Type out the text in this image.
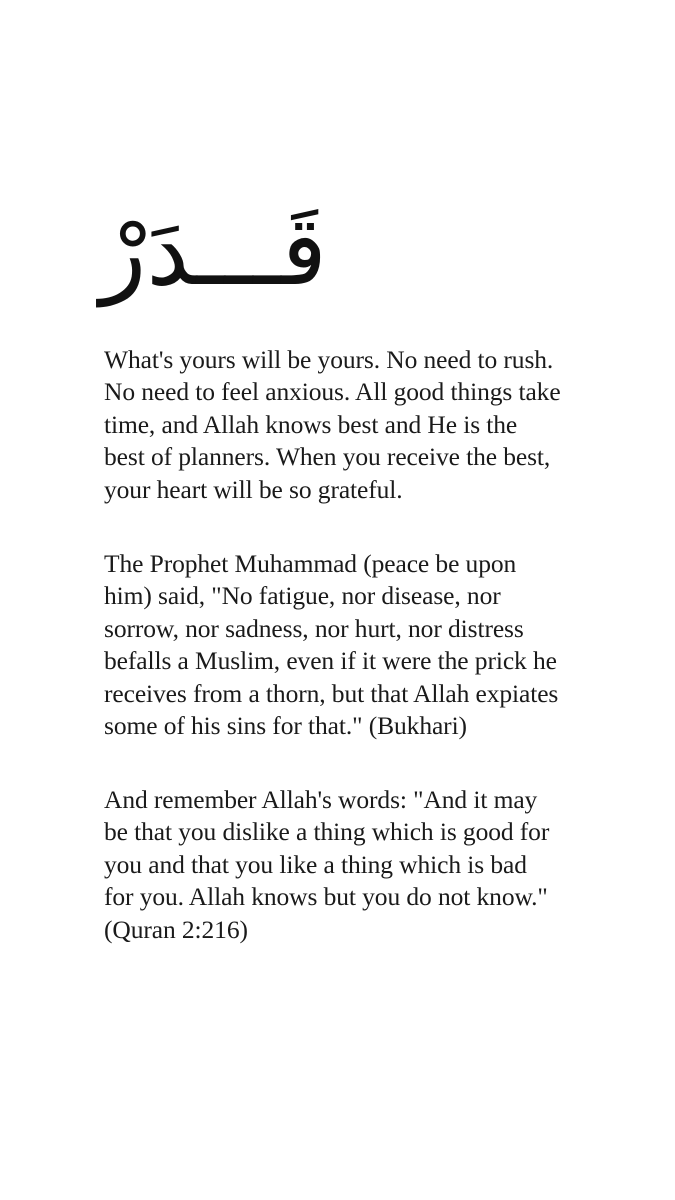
قَـــدَرْ

What's yours will be yours. No need to rush.
No need to feel anxious. All good things take
time, and Allah knows best and He is the
best of planners. When you receive the best,
your heart will be so grateful.

The Prophet Muhammad (peace be upon
him) said, "No fatigue, nor disease, nor
sorrow, nor sadness, nor hurt, nor distress
befalls a Muslim, even if it were the prick he
receives from a thorn, but that Allah expiates
some of his sins for that." (Bukhari)

And remember Allah's words: "And it may
be that you dislike a thing which is good for
you and that you like a thing which is bad
for you. Allah knows but you do not know."
(Quran 2:216)
